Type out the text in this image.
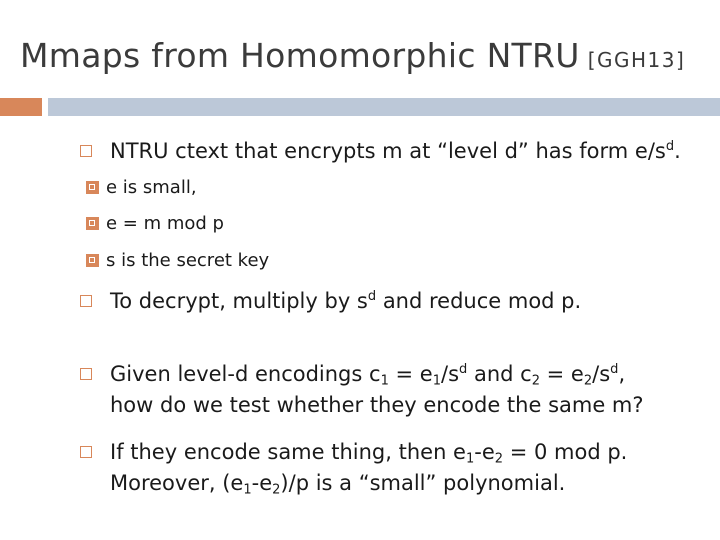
Mmaps from Homomorphic NTRU [GGH13]
NTRU ctext that encrypts m at “level d” has form $e/s^d$.
e is small,
e = m mod p
s is the secret key
To decrypt, multiply by $s^d$ and reduce mod p.
Given level-d encodings $c_1 = e_1/s^d$ and $c_2 = e_2/s^d$,
how do we test whether they encode the same m?
If they encode same thing, then $e_1-e_2 = 0$ mod p.
Moreover, $(e_1-e_2)/p$ is a “small” polynomial.
